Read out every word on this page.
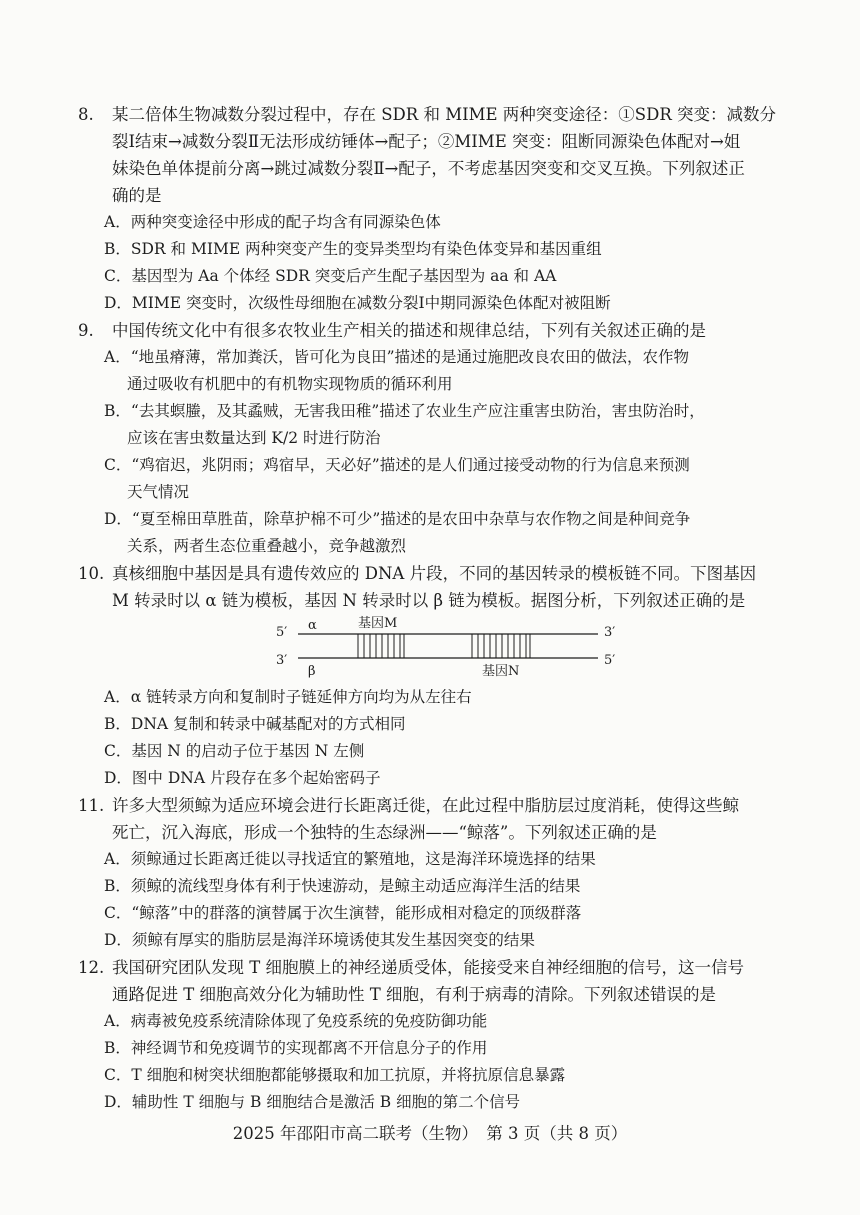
8. 某二倍体生物减数分裂过程中，存在 SDR 和 MIME 两种突变途径：①SDR 突变：减数分
裂Ⅰ结束→减数分裂Ⅱ无法形成纺锤体→配子；②MIME 突变：阻断同源染色体配对→姐
妹染色单体提前分离→跳过减数分裂Ⅱ→配子，不考虑基因突变和交叉互换。下列叙述正
确的是
A．两种突变途径中形成的配子均含有同源染色体
B．SDR 和 MIME 两种突变产生的变异类型均有染色体变异和基因重组
C．基因型为 Aa 个体经 SDR 突变后产生配子基因型为 aa 和 AA
D．MIME 突变时，次级性母细胞在减数分裂Ⅰ中期同源染色体配对被阻断
9. 中国传统文化中有很多农牧业生产相关的描述和规律总结，下列有关叙述正确的是
A．“地虽瘠薄，常加粪沃，皆可化为良田”描述的是通过施肥改良农田的做法，农作物
通过吸收有机肥中的有机物实现物质的循环利用
B．“去其螟螣，及其蟊贼，无害我田稚”描述了农业生产应注重害虫防治，害虫防治时，
应该在害虫数量达到 K/2 时进行防治
C．“鸡宿迟，兆阴雨；鸡宿早，天必好”描述的是人们通过接受动物的行为信息来预测
天气情况
D．“夏至棉田草胜苗，除草护棉不可少”描述的是农田中杂草与农作物之间是种间竞争
关系，两者生态位重叠越小，竞争越激烈
10. 真核细胞中基因是具有遗传效应的 DNA 片段，不同的基因转录的模板链不同。下图基因
M 转录时以 α 链为模板，基因 N 转录时以 β 链为模板。据图分析，下列叙述正确的是
5′ α	基因M
3′
3′
β	基因N
5′
A．α 链转录方向和复制时子链延伸方向均为从左往右
B．DNA 复制和转录中碱基配对的方式相同
C．基因 N 的启动子位于基因 N 左侧
D．图中 DNA 片段存在多个起始密码子
11. 许多大型须鲸为适应环境会进行长距离迁徙，在此过程中脂肪层过度消耗，使得这些鲸
死亡，沉入海底，形成一个独特的生态绿洲——“鲸落”。下列叙述正确的是
A．须鲸通过长距离迁徙以寻找适宜的繁殖地，这是海洋环境选择的结果
B．须鲸的流线型身体有利于快速游动，是鲸主动适应海洋生活的结果
C．“鲸落”中的群落的演替属于次生演替，能形成相对稳定的顶级群落
D．须鲸有厚实的脂肪层是海洋环境诱使其发生基因突变的结果
12. 我国研究团队发现 T 细胞膜上的神经递质受体，能接受来自神经细胞的信号，这一信号
通路促进 T 细胞高效分化为辅助性 T 细胞，有利于病毒的清除。下列叙述错误的是
A．病毒被免疫系统清除体现了免疫系统的免疫防御功能
B．神经调节和免疫调节的实现都离不开信息分子的作用
C．T 细胞和树突状细胞都能够摄取和加工抗原，并将抗原信息暴露
D．辅助性 T 细胞与 B 细胞结合是激活 B 细胞的第二个信号
2025 年邵阳市高二联考（生物）　第 3 页（共 8 页）
